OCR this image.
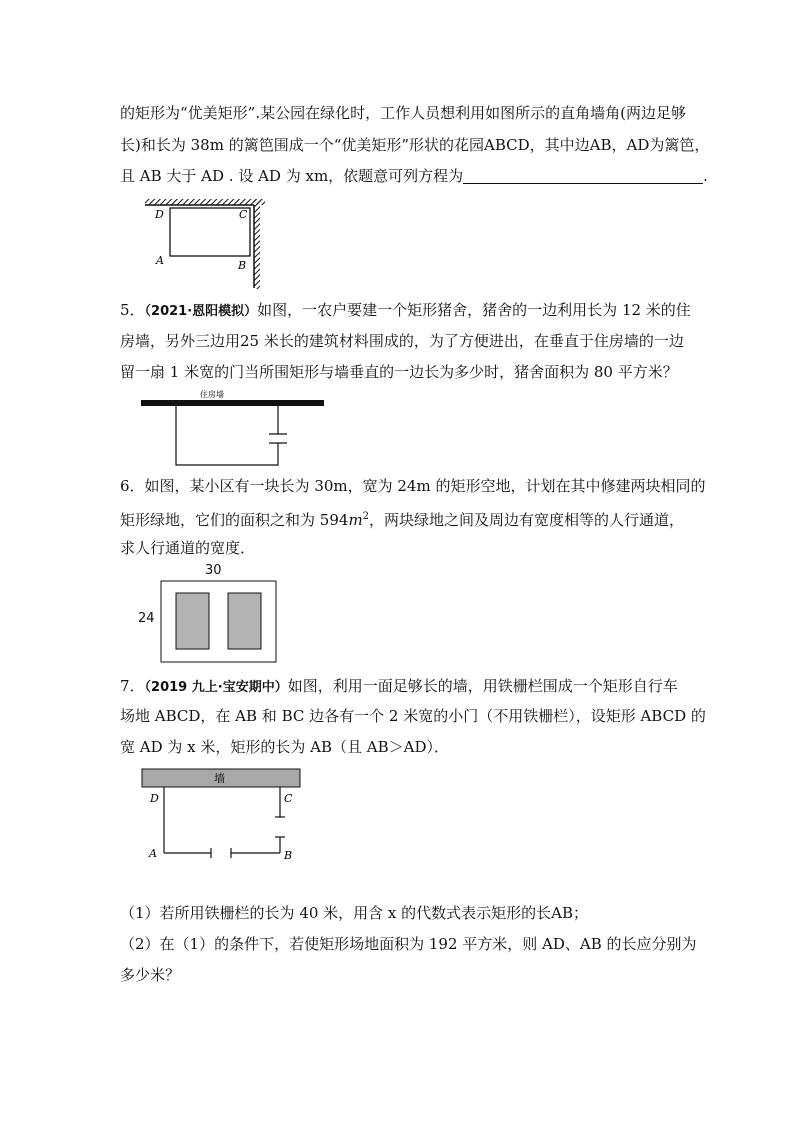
的矩形为“优美矩形”.某公园在绿化时，工作人员想利用如图所示的直角墙角(两边足够
长)和长为 38m 的篱笆围成一个“优美矩形”形状的花园ABCD，其中边AB，AD为篱笆，
且 AB 大于 AD . 设 AD 为 xm，依题意可列方程为	.
D	C
A	B
5．（2021·恩阳模拟）如图，一农户要建一个矩形猪舍，猪舍的一边利用长为 12 米的住
房墙，另外三边用25 米长的建筑材料围成的，为了方便进出，在垂直于住房墙的一边
留一扇 1 米宽的门当所围矩形与墙垂直的一边长为多少时，猪舍面积为 80 平方米？
住房墙
6．如图，某小区有一块长为 30m，宽为 24m 的矩形空地，计划在其中修建两块相同的
矩形绿地，它们的面积之和为 $594m^2$，两块绿地之间及周边有宽度相等的人行通道，
求人行通道的宽度．
30
24
7．（2019 九上·宝安期中）如图，利用一面足够长的墙，用铁栅栏围成一个矩形自行车
场地 ABCD，在 AB 和 BC 边各有一个 2 米宽的小门（不用铁栅栏），设矩形 ABCD 的
宽 AD 为 x 米，矩形的长为 AB（且 AB＞AD）．
墙
D	C
A	B
（1）若所用铁栅栏的长为 40 米，用含 x 的代数式表示矩形的长AB；
（2）在（1）的条件下，若使矩形场地面积为 192 平方米，则 AD、AB 的长应分别为
多少米？
